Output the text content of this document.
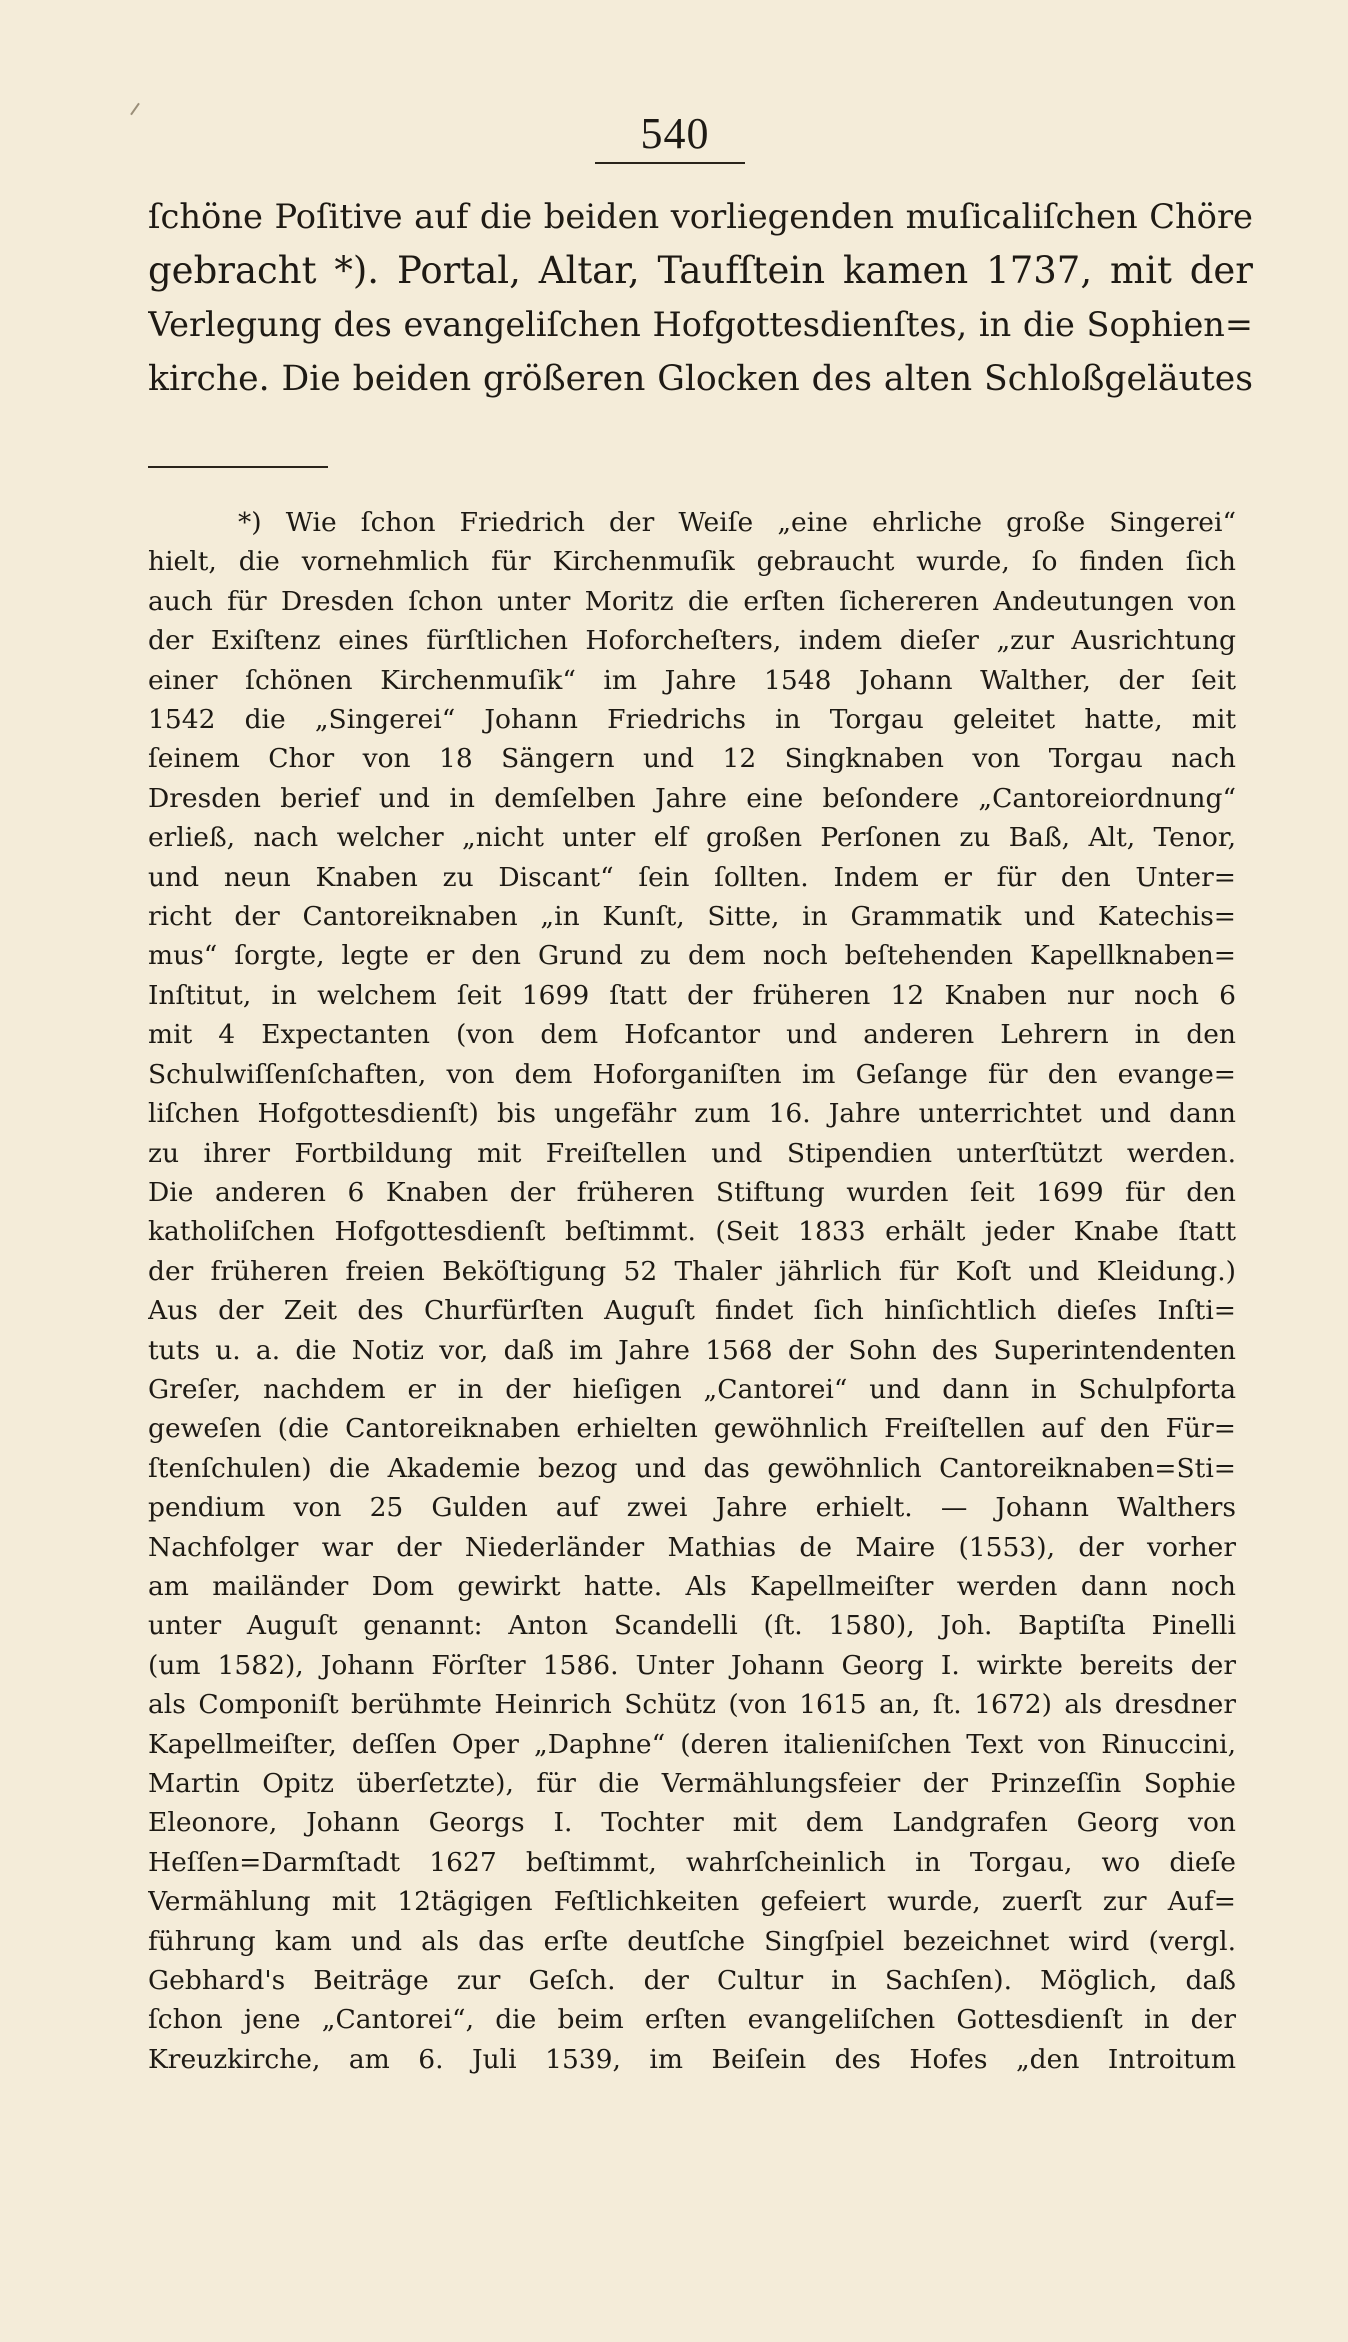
540
ſchöne Poſitive auf die beiden vorliegenden muſicaliſchen Chöre
gebracht *). Portal, Altar, Taufſtein kamen 1737, mit der
Verlegung des evangeliſchen Hofgottesdienſtes, in die Sophien=
kirche. Die beiden größeren Glocken des alten Schloßgeläutes
*) Wie ſchon Friedrich der Weiſe „eine ehrliche große Singerei“
hielt, die vornehmlich für Kirchenmuſik gebraucht wurde, ſo finden ſich
auch für Dresden ſchon unter Moritz die erſten ſichereren Andeutungen von
der Exiſtenz eines fürſtlichen Hoforcheſters, indem dieſer „zur Ausrichtung
einer ſchönen Kirchenmuſik“ im Jahre 1548 Johann Walther, der ſeit
1542 die „Singerei“ Johann Friedrichs in Torgau geleitet hatte, mit
ſeinem Chor von 18 Sängern und 12 Singknaben von Torgau nach
Dresden berief und in demſelben Jahre eine beſondere „Cantoreiordnung“
erließ, nach welcher „nicht unter elf großen Perſonen zu Baß, Alt, Tenor,
und neun Knaben zu Discant“ ſein ſollten. Indem er für den Unter=
richt der Cantoreiknaben „in Kunſt, Sitte, in Grammatik und Katechis=
mus“ ſorgte, legte er den Grund zu dem noch beſtehenden Kapellknaben=
Inſtitut, in welchem ſeit 1699 ſtatt der früheren 12 Knaben nur noch 6
mit 4 Expectanten (von dem Hofcantor und anderen Lehrern in den
Schulwiſſenſchaften, von dem Hoforganiſten im Geſange für den evange=
liſchen Hofgottesdienſt) bis ungefähr zum 16. Jahre unterrichtet und dann
zu ihrer Fortbildung mit Freiſtellen und Stipendien unterſtützt werden.
Die anderen 6 Knaben der früheren Stiftung wurden ſeit 1699 für den
katholiſchen Hofgottesdienſt beſtimmt. (Seit 1833 erhält jeder Knabe ſtatt
der früheren freien Beköſtigung 52 Thaler jährlich für Koſt und Kleidung.)
Aus der Zeit des Churfürſten Auguſt findet ſich hinſichtlich dieſes Inſti=
tuts u. a. die Notiz vor, daß im Jahre 1568 der Sohn des Superintendenten
Greſer, nachdem er in der hieſigen „Cantorei“ und dann in Schulpforta
geweſen (die Cantoreiknaben erhielten gewöhnlich Freiſtellen auf den Für=
ſtenſchulen) die Akademie bezog und das gewöhnlich Cantoreiknaben=Sti=
pendium von 25 Gulden auf zwei Jahre erhielt. — Johann Walthers
Nachfolger war der Niederländer Mathias de Maire (1553), der vorher
am mailänder Dom gewirkt hatte. Als Kapellmeiſter werden dann noch
unter Auguſt genannt: Anton Scandelli (ſt. 1580), Joh. Baptiſta Pinelli
(um 1582), Johann Förſter 1586. Unter Johann Georg I. wirkte bereits der
als Componiſt berühmte Heinrich Schütz (von 1615 an, ſt. 1672) als dresdner
Kapellmeiſter, deſſen Oper „Daphne“ (deren italieniſchen Text von Rinuccini,
Martin Opitz überſetzte), für die Vermählungsfeier der Prinzeſſin Sophie
Eleonore, Johann Georgs I. Tochter mit dem Landgrafen Georg von
Heſſen=Darmſtadt 1627 beſtimmt, wahrſcheinlich in Torgau, wo dieſe
Vermählung mit 12tägigen Feſtlichkeiten gefeiert wurde, zuerſt zur Auf=
führung kam und als das erſte deutſche Singſpiel bezeichnet wird (vergl.
Gebhard's Beiträge zur Geſch. der Cultur in Sachſen). Möglich, daß
ſchon jene „Cantorei“, die beim erſten evangeliſchen Gottesdienſt in der
Kreuzkirche, am 6. Juli 1539, im Beiſein des Hofes „den Introitum
